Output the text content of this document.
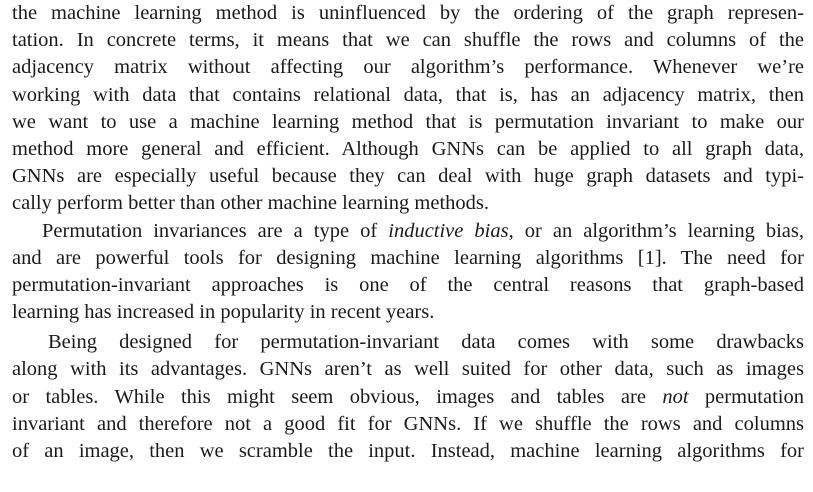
the machine learning method is uninfluenced by the ordering of the graph represen-
tation. In concrete terms, it means that we can shuffle the rows and columns of the
adjacency matrix without affecting our algorithm’s performance. Whenever we’re
working with data that contains relational data, that is, has an adjacency matrix, then
we want to use a machine learning method that is permutation invariant to make our
method more general and efficient. Although GNNs can be applied to all graph data,
GNNs are especially useful because they can deal with huge graph datasets and typi-
cally perform better than other machine learning methods.
Permutation invariances are a type of inductive bias, or an algorithm’s learning bias,
and are powerful tools for designing machine learning algorithms [1]. The need for
permutation-invariant approaches is one of the central reasons that graph-based
learning has increased in popularity in recent years.
Being designed for permutation-invariant data comes with some drawbacks
along with its advantages. GNNs aren’t as well suited for other data, such as images
or tables. While this might seem obvious, images and tables are not permutation
invariant and therefore not a good fit for GNNs. If we shuffle the rows and columns
of an image, then we scramble the input. Instead, machine learning algorithms for
